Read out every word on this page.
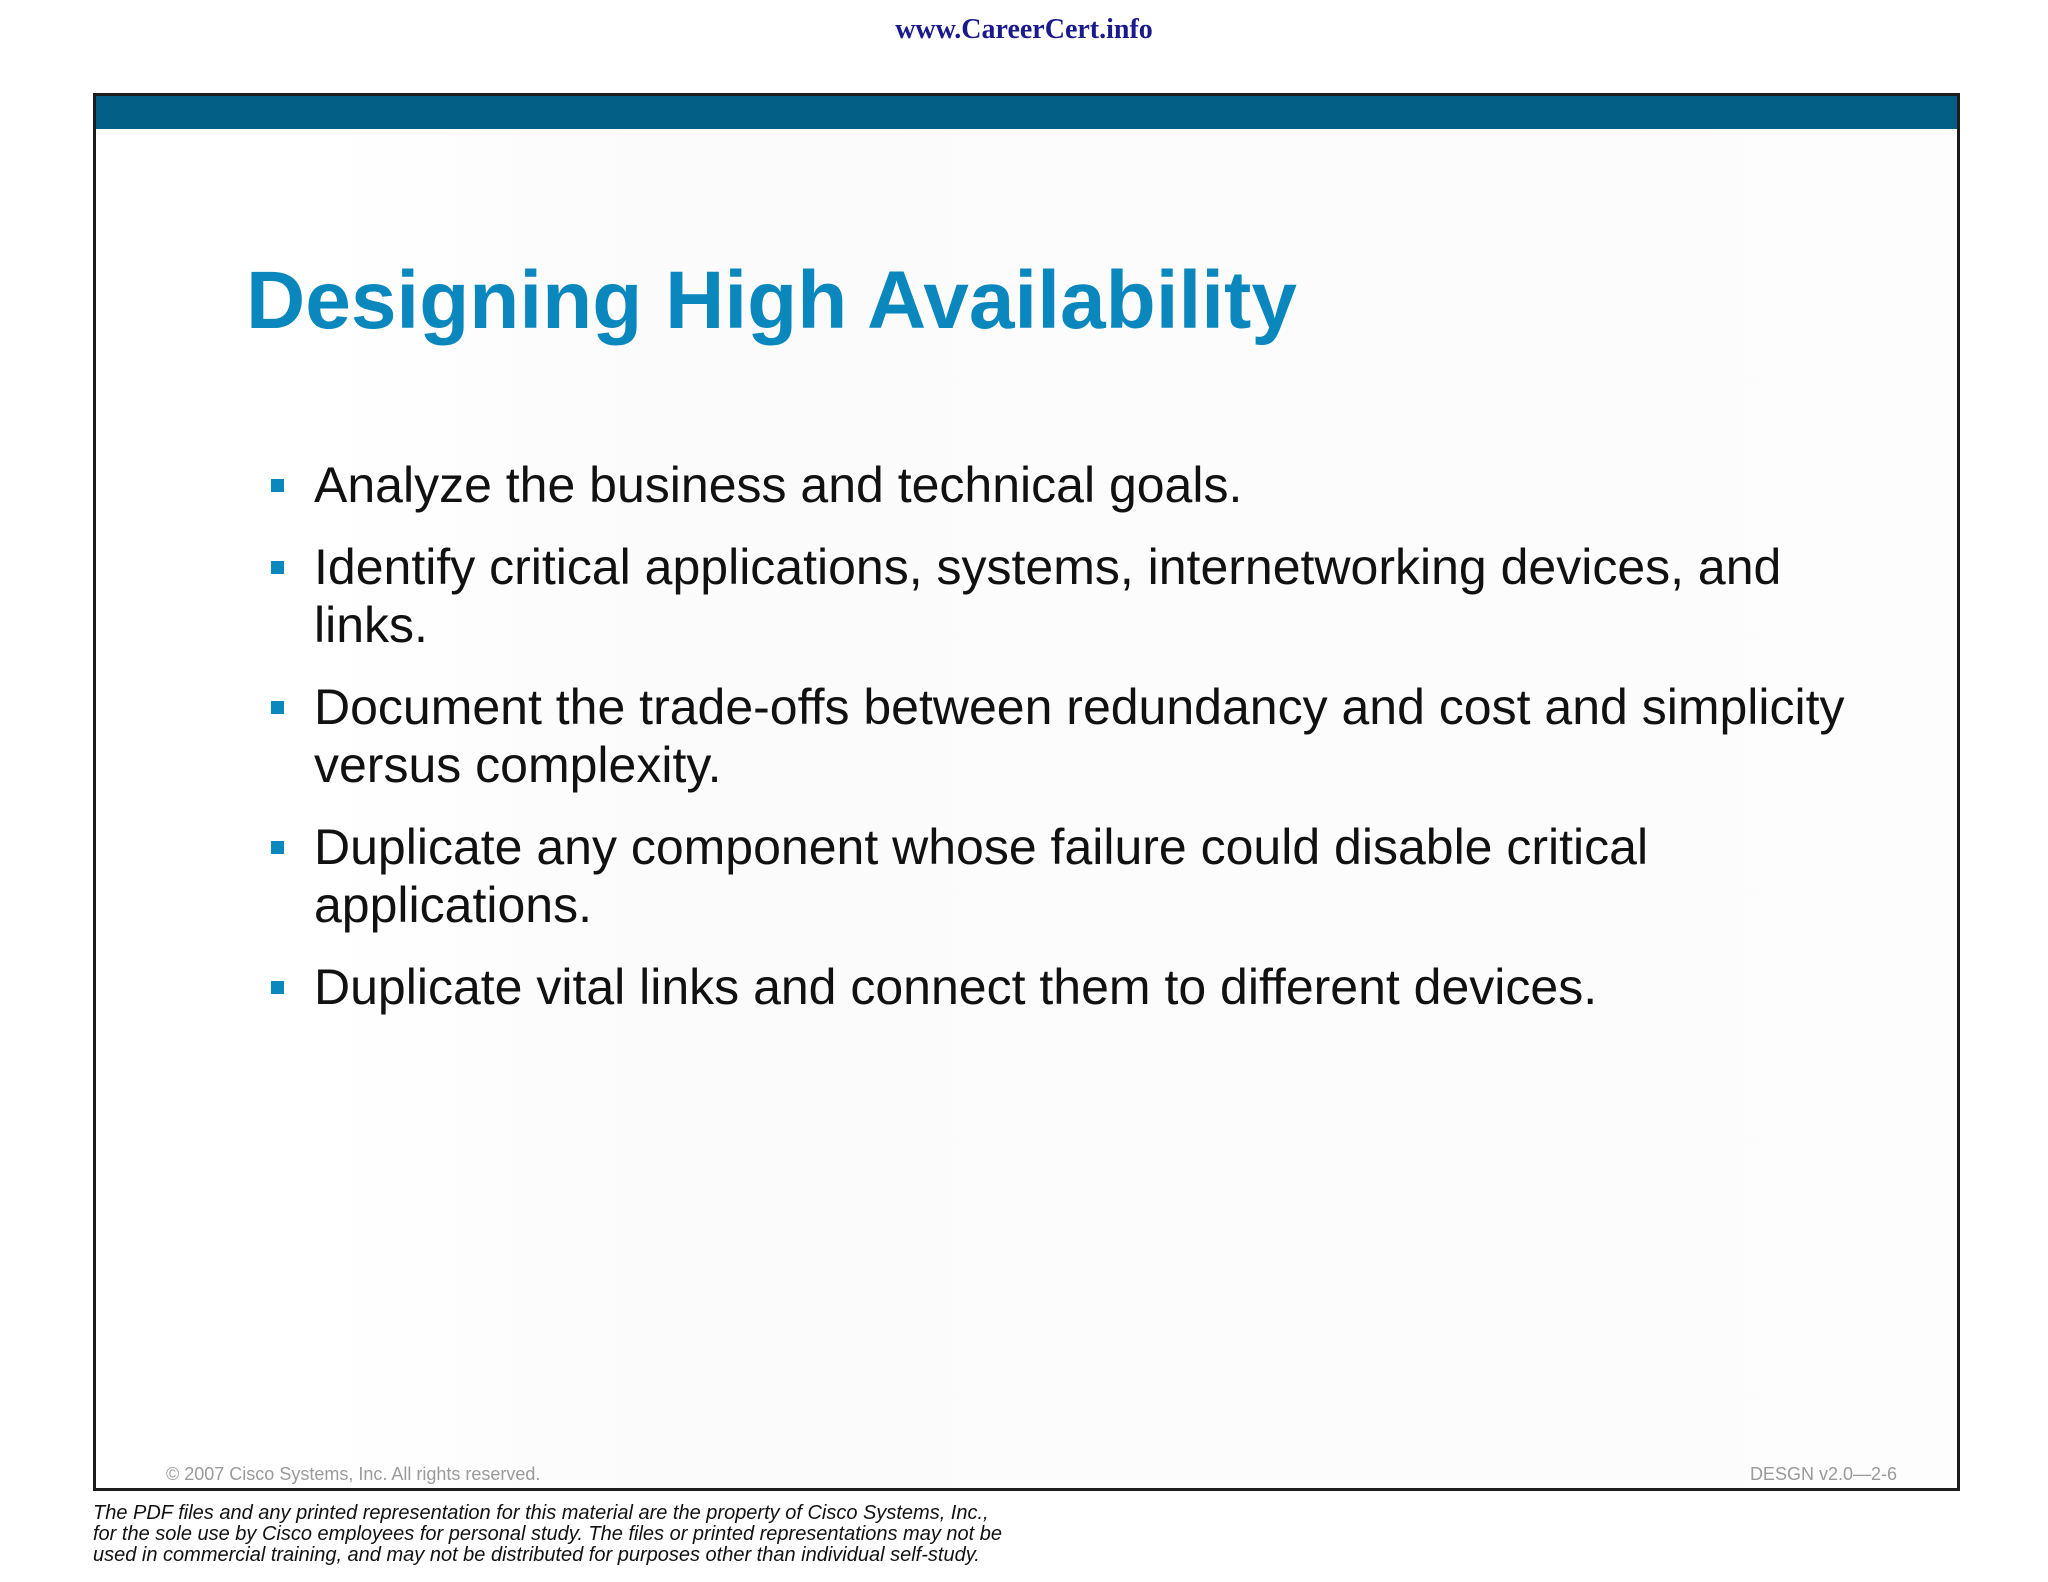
www.CareerCert.info
Designing High Availability
Analyze the business and technical goals.
Identify critical applications, systems, internetworking devices, and links.
Document the trade-offs between redundancy and cost and simplicity versus complexity.
Duplicate any component whose failure could disable critical applications.
Duplicate vital links and connect them to different devices.
© 2007 Cisco Systems, Inc. All rights reserved.	DESGN v2.0—2-6
The PDF files and any printed representation for this material are the property of Cisco Systems, Inc.,
for the sole use by Cisco employees for personal study. The files or printed representations may not be
used in commercial training, and may not be distributed for purposes other than individual self-study.
